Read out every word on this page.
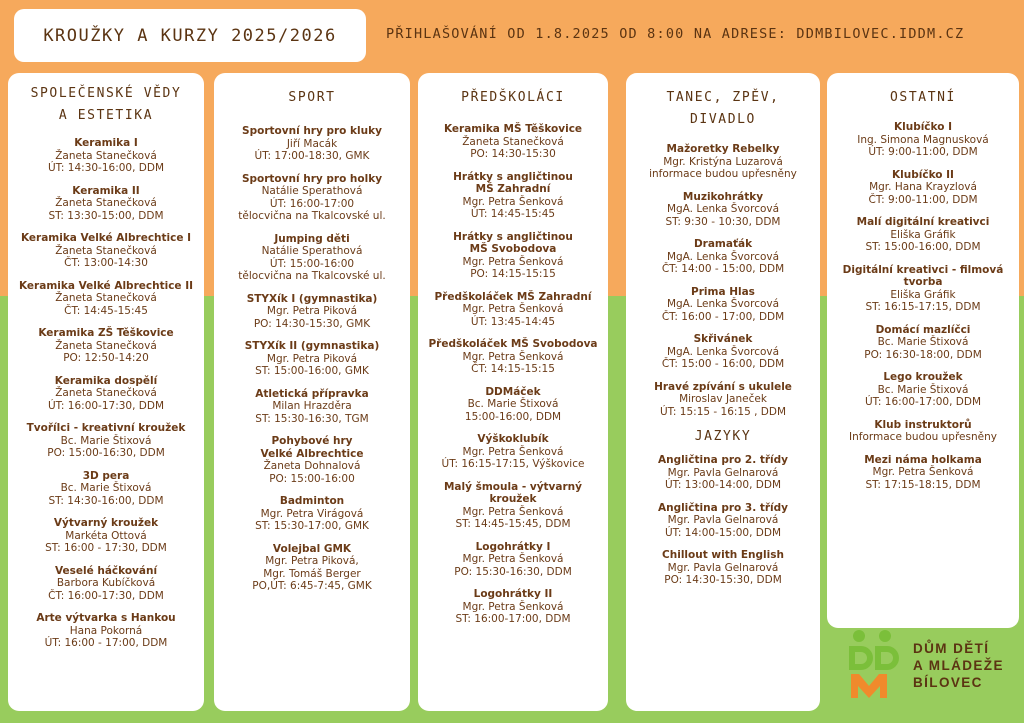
KROUŽKY A KURZY 2025/2026	PŘIHLAŠOVÁNÍ OD 1.8.2025 OD 8:00 NA ADRESE: DDMBILOVEC.IDDM.CZ
SPOLEČENSKÉ VĚDY
A ESTETIKA
Keramika I
Žaneta Stanečková
ÚT: 14:30-16:00, DDM
Keramika II
Žaneta Stanečková
ST: 13:30-15:00, DDM
Keramika Velké Albrechtice I
Žaneta Stanečková
ČT: 13:00-14:30
Keramika Velké Albrechtice II
Žaneta Stanečková
ČT: 14:45-15:45
Keramika ZŠ Těškovice
Žaneta Stanečková
PO: 12:50-14:20
Keramika dospělí
Žaneta Stanečková
ÚT: 16:00-17:30, DDM
Tvořílci - kreativní kroužek
Bc. Marie Štixová
PO: 15:00-16:30, DDM
3D pera
Bc. Marie Štixová
ST: 14:30-16:00, DDM
Výtvarný kroužek
Markéta Ottová
ST: 16:00 - 17:30, DDM
Veselé háčkování
Barbora Kubíčková
ČT: 16:00-17:30, DDM
Arte výtvarka s Hankou
Hana Pokorná
ÚT: 16:00 - 17:00, DDM
SPORT
Sportovní hry pro kluky
Jiří Macák
ÚT: 17:00-18:30, GMK
Sportovní hry pro holky
Natálie Sperathová
ÚT: 16:00-17:00
tělocvična na Tkalcovské ul.
Jumping děti
Natálie Sperathová
ÚT: 15:00-16:00
tělocvična na Tkalcovské ul.
STYXík I (gymnastika)
Mgr. Petra Piková
PO: 14:30-15:30, GMK
STYXík II (gymnastika)
Mgr. Petra Piková
ST: 15:00-16:00, GMK
Atletická přípravka
Milan Hrazděra
ST: 15:30-16:30, TGM
Pohybové hry
Velké Albrechtice
Žaneta Dohnalová
PO: 15:00-16:00
Badminton
Mgr. Petra Virágová
ST: 15:30-17:00, GMK
Volejbal GMK
Mgr. Petra Piková,
Mgr. Tomáš Berger
PO,ÚT: 6:45-7:45, GMK
PŘEDŠKOLÁCI
Keramika MŠ Těškovice
Žaneta Stanečková
PO: 14:30-15:30
Hrátky s angličtinou
MŠ Zahradní
Mgr. Petra Šenková
ÚT: 14:45-15:45
Hrátky s angličtinou
MŠ Svobodova
Mgr. Petra Šenková
PO: 14:15-15:15
Předškoláček MŠ Zahradní
Mgr. Petra Šenková
ÚT: 13:45-14:45
Předškoláček MŠ Svobodova
Mgr. Petra Šenková
ČT: 14:15-15:15
DDMáček
Bc. Marie Štixová
15:00-16:00, DDM
Výškoklubík
Mgr. Petra Šenková
ÚT: 16:15-17:15, Výškovice
Malý šmoula - výtvarný kroužek
Mgr. Petra Šenková
ST: 14:45-15:45, DDM
Logohrátky I
Mgr. Petra Šenková
PO: 15:30-16:30, DDM
Logohrátky II
Mgr. Petra Šenková
ST: 16:00-17:00, DDM
TANEC, ZPĚV,
DIVADLO
Mažoretky Rebelky
Mgr. Kristýna Luzarová
informace budou upřesněny
Muzikohrátky
MgA. Lenka Švorcová
ST: 9:30 - 10:30, DDM
Dramaťák
MgA. Lenka Švorcová
ČT: 14:00 - 15:00, DDM
Prima Hlas
MgA. Lenka Švorcová
ČT: 16:00 - 17:00, DDM
Skřivánek
MgA. Lenka Švorcová
ČT: 15:00 - 16:00, DDM
Hravé zpívání s ukulele
Miroslav Janeček
ÚT: 15:15 - 16:15 , DDM
JAZYKY
Angličtina pro 2. třídy
Mgr. Pavla Gelnarová
ÚT: 13:00-14:00, DDM
Angličtina pro 3. třídy
Mgr. Pavla Gelnarová
ÚT: 14:00-15:00, DDM
Chillout with English
Mgr. Pavla Gelnarová
PO: 14:30-15:30, DDM
OSTATNÍ
Klubíčko I
Ing. Simona Magnusková
ÚT: 9:00-11:00, DDM
Klubíčko II
Mgr. Hana Krayzlová
ČT: 9:00-11:00, DDM
Malí digitální kreativci
Eliška Gráfik
ST: 15:00-16:00, DDM
Digitální kreativci - filmová tvorba
Eliška Gráfik
ST: 16:15-17:15, DDM
Domácí mazlíčci
Bc. Marie Štixová
PO: 16:30-18:00, DDM
Lego kroužek
Bc. Marie Štixová
ÚT: 16:00-17:00, DDM
Klub instruktorů
Informace budou upřesněny
Mezi náma holkama
Mgr. Petra Šenková
ST: 17:15-18:15, DDM
DŮM DĚTÍ
A MLÁDEŽE
BÍLOVEC
